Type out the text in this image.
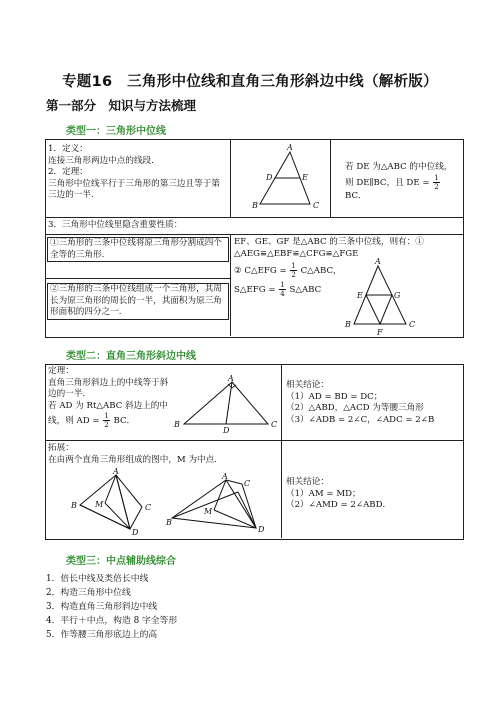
专题16　三角形中位线和直角三角形斜边中线（解析版）
第一部分　知识与方法梳理
类型一：三角形中位线
1．定义：
连接三角形两边中点的线段.
2．定理：
三角形中位线平行于三角形的第三边且等于第三边的一半.
A
B	C
D	E
若 DE 为△ABC 的中位线，则 DE∥BC，且 DE = $\frac{1}{2}$
BC．
3．三角形中位线里隐含重要性质：
①三角形的三条中位线将原三角形分割成四个全等的三角形.
②三角形的三条中位线组成一个三角形，其周长为原三角形的周长的一半，其面积为原三角形面积的四分之一.
EF、GE、GF 是△ABC 的三条中位线，则有：① △AEG≌△EBF≌△CFG≌△FGE
② C△EFG = $\frac{1}{2}$ C△ABC，
S△EFG = $\frac{1}{4}$ S△ABC
A
B	C
E	G
F
类型二：直角三角形斜边中线
定理：
直角三角形斜边上的中线等于斜边的一半.
若 AD 为 Rt△ABC 斜边上的中线，则 AD = $\frac{1}{2}$ BC．
A
B	C
D
相关结论：
（1）AD = BD = DC；
（2）△ABD，△ACD 为等腰三角形
（3）∠ADB = 2∠C，∠ADC = 2∠B
拓展：
在由两个直角三角形组成的图中，M 为中点.
A
B	C
D
M
A
B
C
D
M
相关结论：
（1）AM = MD；
（2）∠AMD = 2∠ABD．
类型三：中点辅助线综合
1．倍长中线及类倍长中线
2．构造三角形中位线
3．构造直角三角形斜边中线
4．平行＋中点，构造 8 字全等形
5．作等腰三角形底边上的高
